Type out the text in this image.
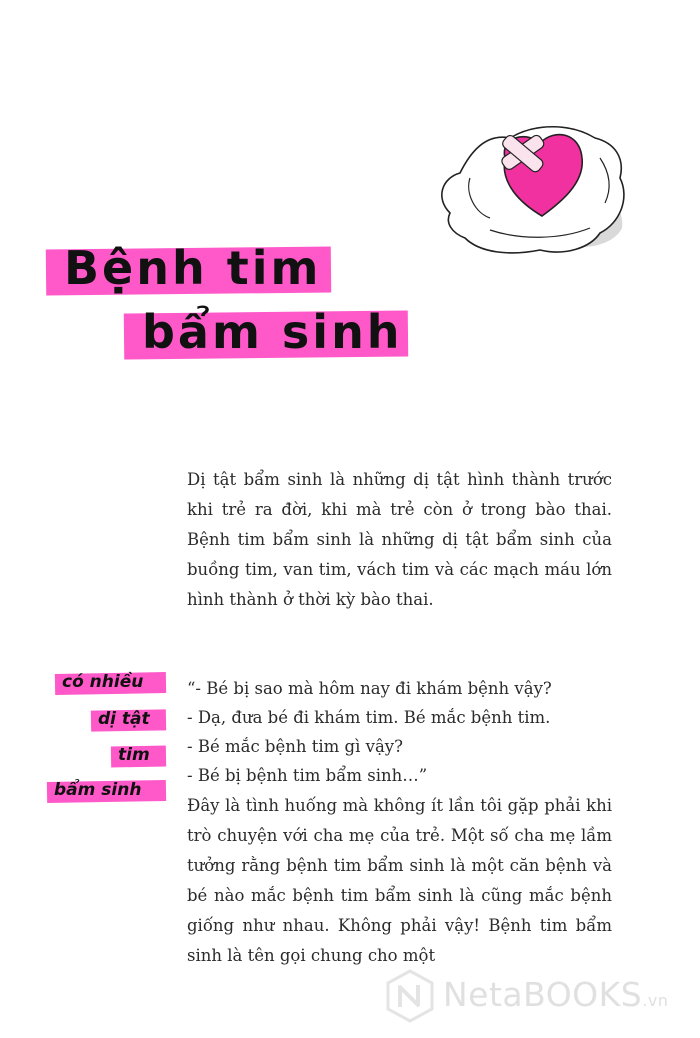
Bệnh tim
bẩm sinh

Dị tật bẩm sinh là những dị tật hình thành trước khi trẻ ra đời, khi mà trẻ còn ở trong bào thai. Bệnh tim bẩm sinh là những dị tật bẩm sinh của buồng tim, van tim, vách tim và các mạch máu lớn hình thành ở thời kỳ bào thai.

có nhiều
dị tật
tim
bẩm sinh
“- Bé bị sao mà hôm nay đi khám bệnh vậy?
- Dạ, đưa bé đi khám tim. Bé mắc bệnh tim.
- Bé mắc bệnh tim gì vậy?
- Bé bị bệnh tim bẩm sinh…”

Đây là tình huống mà không ít lần tôi gặp phải khi trò chuyện với cha mẹ của trẻ. Một số cha mẹ lầm tưởng rằng bệnh tim bẩm sinh là một căn bệnh và bé nào mắc bệnh tim bẩm sinh là cũng mắc bệnh giống như nhau. Không phải vậy! Bệnh tim bẩm sinh là tên gọi chung cho một

NetaBOOKS.vn
